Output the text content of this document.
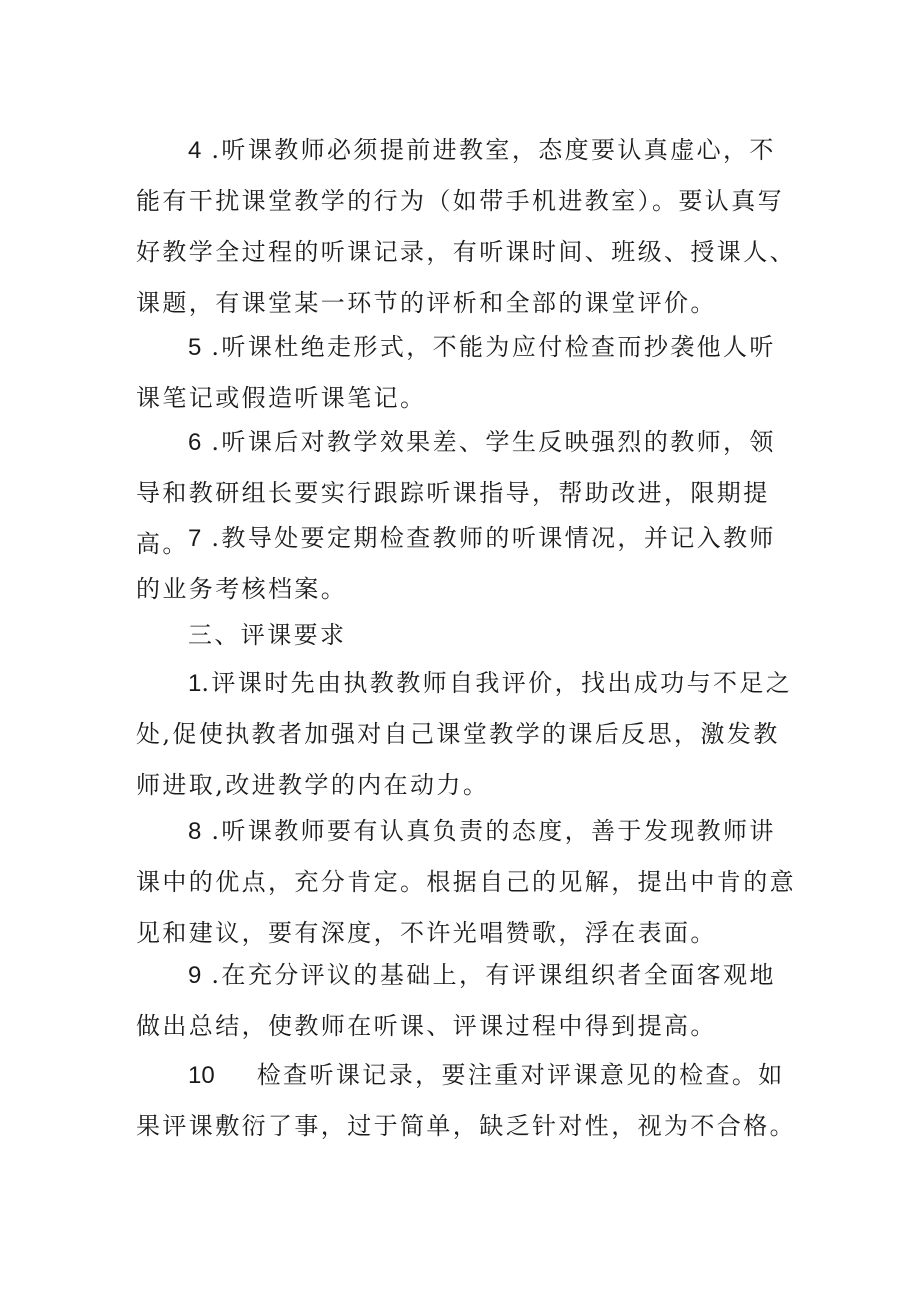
4 .听课教师必须提前进教室，态度要认真虚心，不能有干扰课堂教学的行为（如带手机进教室）。要认真写好教学全过程的听课记录，有听课时间、班级、授课人、课题，有课堂某一环节的评析和全部的课堂评价。

5 .听课杜绝走形式，不能为应付检查而抄袭他人听课笔记或假造听课笔记。

6 .听课后对教学效果差、学生反映强烈的教师，领导和教研组长要实行跟踪听课指导，帮助改进，限期提高。 7 .教导处要定期检查教师的听课情况，并记入教师的业务考核档案。

三、评课要求

1.评课时先由执教教师自我评价，找出成功与不足之处,促使执教者加强对自己课堂教学的课后反思，激发教师进取,改进教学的内在动力。

8 .听课教师要有认真负责的态度，善于发现教师讲课中的优点，充分肯定。根据自己的见解，提出中肯的意见和建议，要有深度，不许光唱赞歌，浮在表面。

9 .在充分评议的基础上，有评课组织者全面客观地做出总结，使教师在听课、评课过程中得到提高。

10 检查听课记录，要注重对评课意见的检查。如果评课敷衍了事，过于简单，缺乏针对性，视为不合格。
